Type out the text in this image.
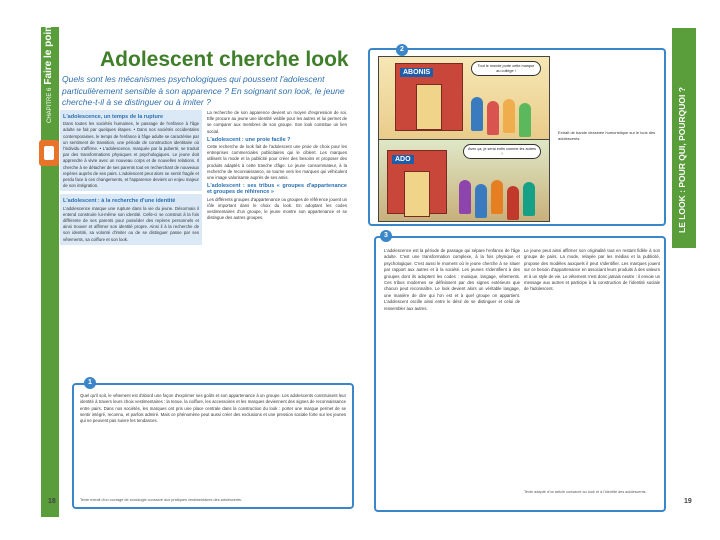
CHAPITRE 6Faire le point Adolescent cherche look
Quels sont les mécanismes psychologiques qui poussent l'adolescent particulièrement sensible à son apparence ? En soignant son look, le jeune cherche-t-il à se distinguer ou à imiter ?
L'adolescence, un temps de la rupture

Dans toutes les sociétés humaines, le passage de l'enfance à l'âge adulte se fait par quelques étapes. • Dans nos sociétés occidentales contemporaines, le temps de l'enfance à l'âge adulte se caractérise par un sentiment de transition, une période de construction identitaire où l'individu s'affirme. • L'adolescence, marquée par la puberté, se traduit par des transformations physiques et psychologiques. Le jeune doit apprendre à vivre avec un nouveau corps et de nouvelles relations. Il cherche à se détacher de ses parents tout en recherchant de nouveaux repères auprès de ses pairs. L'adolescent peut alors se sentir fragile et perdu face à ces changements, et l'apparence devient un enjeu majeur de son intégration.

L'adolescent : à la recherche d'une identité

L'adolescence marque une rupture dans la vie du jeune. Désormais il entend construire lui-même son identité. Celle-ci se construit à la fois différente de ses parents pour posséder des repères personnels et ainsi trouver et affirmer son identité propre. Ainsi il à la recherche de son identité, sa volonté d'imiter ou de se distinguer passe par ses vêtements, sa coiffure et son look.

La recherche de son apparence devient un moyen d'expression de soi. Elle procure au jeune une identité visible pour les autres et lui permet de se comparer aux membres de son groupe. Son look constitue un lien social.

L'adolescent : une proie facile ?

Cette recherche de look fait de l'adolescent une proie de choix pour les entreprises commerciales publicitaires qui le ciblent. Les marques utilisent la mode et la publicité pour créer des besoins et proposer des produits adaptés à cette tranche d'âge. Le jeune consommateur, à la recherche de reconnaissance, se tourne vers les marques qui véhiculent une image valorisante auprès de ses amis.

L'adolescent : ses tribus « groupes d'appartenance et groupes de référence »

Les différents groupes d'appartenance ou groupes de référence jouent un rôle important dans le choix du look. En adoptant les codes vestimentaires d'un groupe, le jeune montre son appartenance et se distingue des autres groupes.

Quel qu'il soit, le vêtement est d'abord une façon d'exprimer ses goûts et son appartenance à un groupe. Les adolescents construisent leur identité à travers leurs choix vestimentaires : la tenue, la coiffure, les accessoires et les marques deviennent des signes de reconnaissance entre pairs. Dans nos sociétés, les marques ont pris une place centrale dans la construction du look : porter une marque permet de se sentir intégré, reconnu, et parfois admiré. Mais ce phénomène peut aussi créer des exclusions et une pression sociale forte sur les jeunes qui ne peuvent pas suivre les tendances.

Texte extrait d'un ouvrage de sociologie consacré aux pratiques vestimentaires des adolescents.
1
18
LE LOOK : POUR QUI, POURQUOI ?
ABONIS
Tout le monde porte cette marque au collège !
ADO
Avec ça, je serai enfin comme les autres !
Extrait de bande dessinée humoristique sur le look des adolescents.
2
L'adolescence est la période de passage qui sépare l'enfance de l'âge adulte. C'est une transformation complexe, à la fois physique et psychologique. C'est aussi le moment où le jeune cherche à se situer par rapport aux autres et à la société. Les jeunes s'identifient à des groupes dont ils adoptent les codes : musique, langage, vêtements. Ces tribus modernes se définissent par des signes extérieurs que chacun peut reconnaître. Le look devient alors un véritable langage, une manière de dire qui l'on est et à quel groupe on appartient. L'adolescent oscille ainsi entre le désir de se distinguer et celui de ressembler aux autres.
Le jeune peut ainsi affirmer son originalité tout en restant fidèle à son groupe de pairs. La mode, relayée par les médias et la publicité, propose des modèles auxquels il peut s'identifier. Les marques jouent sur ce besoin d'appartenance en associant leurs produits à des valeurs et à un style de vie. Le vêtement n'est donc jamais neutre : il envoie un message aux autres et participe à la construction de l'identité sociale de l'adolescent.
Texte adapté d'un article consacré au look et à l'identité des adolescents.
3
19
